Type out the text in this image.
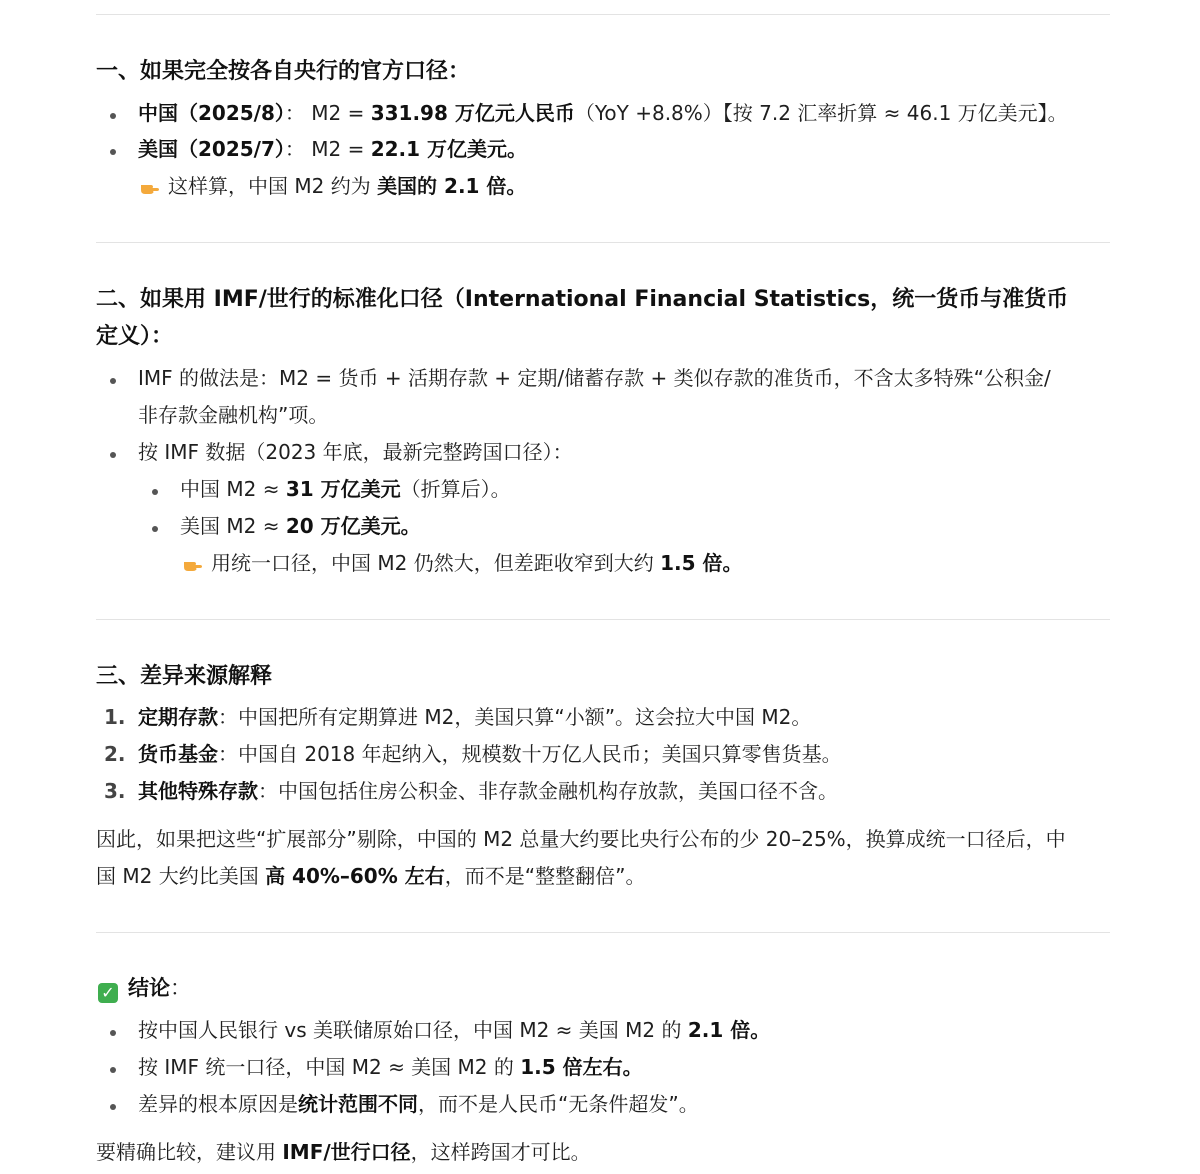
一、如果完全按各自央行的官方口径：
中国（2025/8）： M2 = 331.98 万亿元人民币（YoY +8.8%）【按 7.2 汇率折算 ≈ 46.1 万亿美元】。
美国（2025/7）： M2 = 22.1 万亿美元。
这样算，中国 M2 约为 美国的 2.1 倍。
二、如果用 IMF/世行的标准化口径（International Financial Statistics，统一货币与准货币
定义）：
IMF 的做法是：M2 = 货币 + 活期存款 + 定期/储蓄存款 + 类似存款的准货币，不含太多特殊“公积金/
非存款金融机构”项。
按 IMF 数据（2023 年底，最新完整跨国口径）：
中国 M2 ≈ 31 万亿美元（折算后）。
美国 M2 ≈ 20 万亿美元。
用统一口径，中国 M2 仍然大，但差距收窄到大约 1.5 倍。
三、差异来源解释
1. 定期存款：中国把所有定期算进 M2，美国只算“小额”。这会拉大中国 M2。
2. 货币基金：中国自 2018 年起纳入，规模数十万亿人民币；美国只算零售货基。
3. 其他特殊存款：中国包括住房公积金、非存款金融机构存放款，美国口径不含。
因此，如果把这些“扩展部分”剔除，中国的 M2 总量大约要比央行公布的少 20–25%，换算成统一口径后，中
国 M2 大约比美国 高 40%–60% 左右，而不是“整整翻倍”。
✓ 结论：
按中国人民银行 vs 美联储原始口径，中国 M2 ≈ 美国 M2 的 2.1 倍。
按 IMF 统一口径，中国 M2 ≈ 美国 M2 的 1.5 倍左右。
差异的根本原因是统计范围不同，而不是人民币“无条件超发”。
要精确比较，建议用 IMF/世行口径，这样跨国才可比。
